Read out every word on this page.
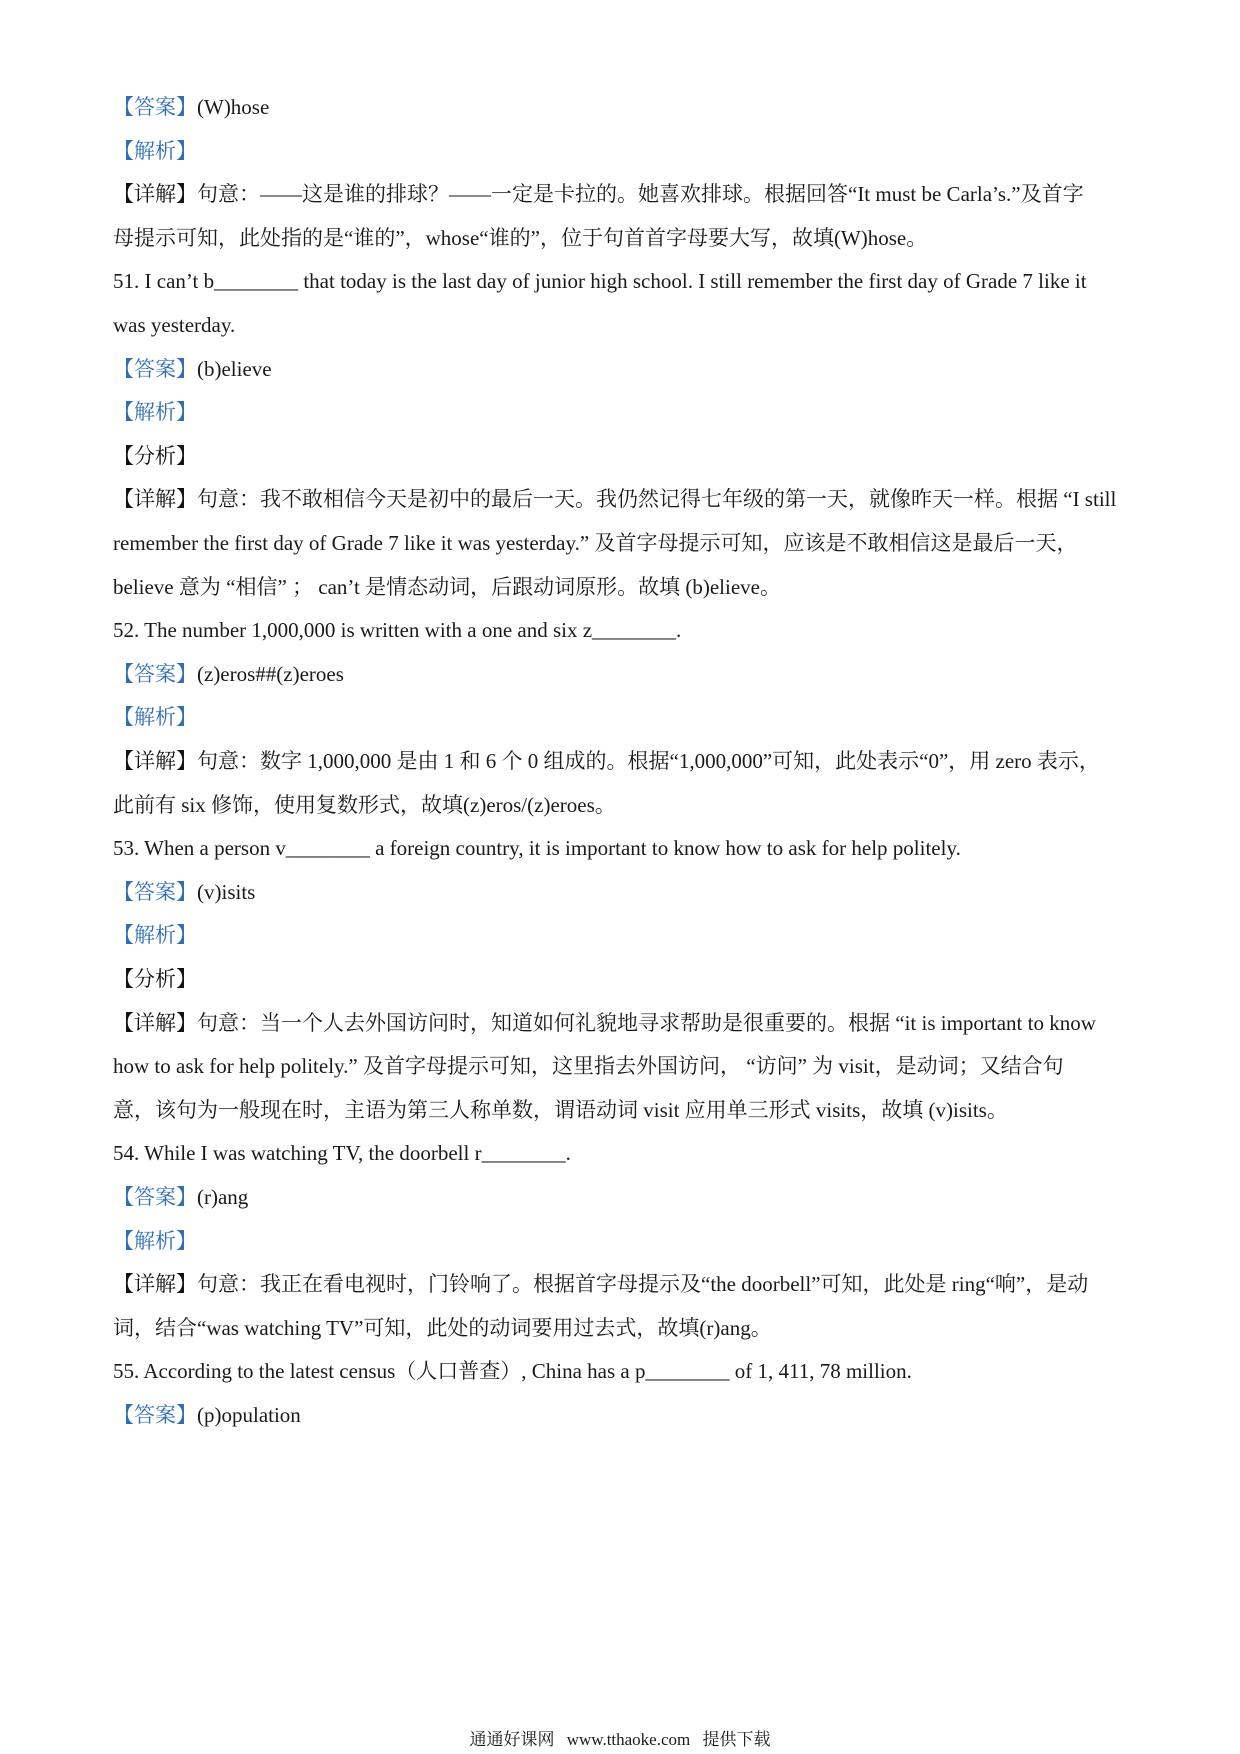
【答案】(W)hose
【解析】
【详解】句意：——这是谁的排球？——一定是卡拉的。她喜欢排球。根据回答“It must be Carla’s.”及首字
母提示可知，此处指的是“谁的”，whose“谁的”，位于句首首字母要大写，故填(W)hose。
51. I can’t b________ that today is the last day of junior high school. I still remember the first day of Grade 7 like it
was yesterday.
【答案】(b)elieve
【解析】
【分析】
【详解】句意：我不敢相信今天是初中的最后一天。我仍然记得七年级的第一天，就像昨天一样。根据 “I still
remember the first day of Grade 7 like it was yesterday.” 及首字母提示可知，应该是不敢相信这是最后一天，
believe 意为 “相信” ； can’t 是情态动词，后跟动词原形。故填 (b)elieve。
52. The number 1,000,000 is written with a one and six z________.
【答案】(z)eros##(z)eroes
【解析】
【详解】句意：数字 1,000,000 是由 1 和 6 个 0 组成的。根据“1,000,000”可知，此处表示“0”，用 zero 表示，
此前有 six 修饰，使用复数形式，故填(z)eros/(z)eroes。
53. When a person v________ a foreign country, it is important to know how to ask for help politely.
【答案】(v)isits
【解析】
【分析】
【详解】句意：当一个人去外国访问时，知道如何礼貌地寻求帮助是很重要的。根据 “it is important to know
how to ask for help politely.” 及首字母提示可知，这里指去外国访问， “访问” 为 visit，是动词；又结合句
意，该句为一般现在时，主语为第三人称单数，谓语动词 visit 应用单三形式 visits，故填 (v)isits。
54. While I was watching TV, the doorbell r________.
【答案】(r)ang
【解析】
【详解】句意：我正在看电视时，门铃响了。根据首字母提示及“the doorbell”可知，此处是 ring“响”，是动
词，结合“was watching TV”可知，此处的动词要用过去式，故填(r)ang。
55. According to the latest census（人口普查）, China has a p________ of 1, 411, 78 million.
【答案】(p)opulation
通通好课网 www.tthaoke.com 提供下载
